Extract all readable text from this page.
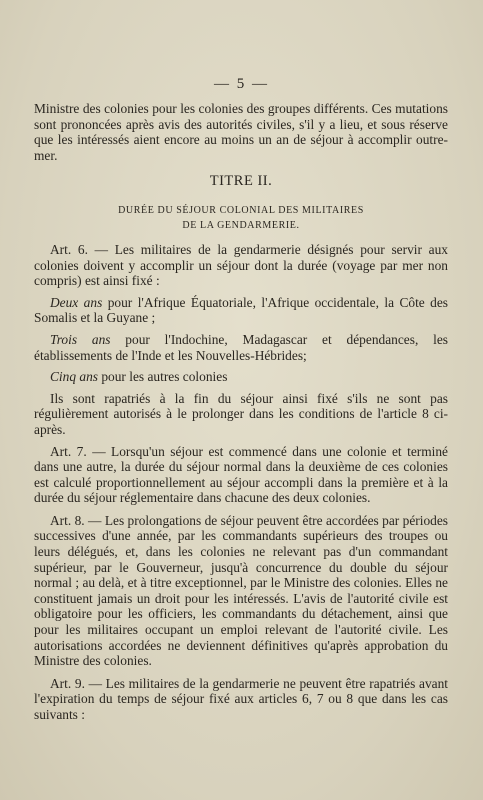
— 5 —

Ministre des colonies pour les colonies des groupes différents. Ces mutations sont prononcées après avis des autorités civiles, s'il y a lieu, et sous réserve que les intéressés aient encore au moins un an de séjour à accomplir outre-mer.

TITRE II.

DURÉE DU SÉJOUR COLONIAL DES MILITAIRES
DE LA GENDARMERIE.

Art. 6. — Les militaires de la gendarmerie désignés pour servir aux colonies doivent y accomplir un séjour dont la durée (voyage par mer non compris) est ainsi fixé :

Deux ans pour l'Afrique Équatoriale, l'Afrique occidentale, la Côte des Somalis et la Guyane ;

Trois ans pour l'Indochine, Madagascar et dépendances, les établissements de l'Inde et les Nouvelles-Hébrides;

Cinq ans pour les autres colonies

Ils sont rapatriés à la fin du séjour ainsi fixé s'ils ne sont pas régulièrement autorisés à le prolonger dans les conditions de l'article 8 ci-après.

Art. 7. — Lorsqu'un séjour est commencé dans une colonie et terminé dans une autre, la durée du séjour normal dans la deuxième de ces colonies est calculé proportionnellement au séjour accompli dans la première et à la durée du séjour réglementaire dans chacune des deux colonies.

Art. 8. — Les prolongations de séjour peuvent être accordées par périodes successives d'une année, par les commandants supérieurs des troupes ou leurs délégués, et, dans les colonies ne relevant pas d'un commandant supérieur, par le Gouverneur, jusqu'à concurrence du double du séjour normal ; au delà, et à titre exceptionnel, par le Ministre des colonies. Elles ne constituent jamais un droit pour les intéressés. L'avis de l'autorité civile est obligatoire pour les officiers, les commandants du détachement, ainsi que pour les militaires occupant un emploi relevant de l'autorité civile. Les autorisations accordées ne deviennent définitives qu'après approbation du Ministre des colonies.

Art. 9. — Les militaires de la gendarmerie ne peuvent être rapatriés avant l'expiration du temps de séjour fixé aux articles 6, 7 ou 8 que dans les cas suivants :
